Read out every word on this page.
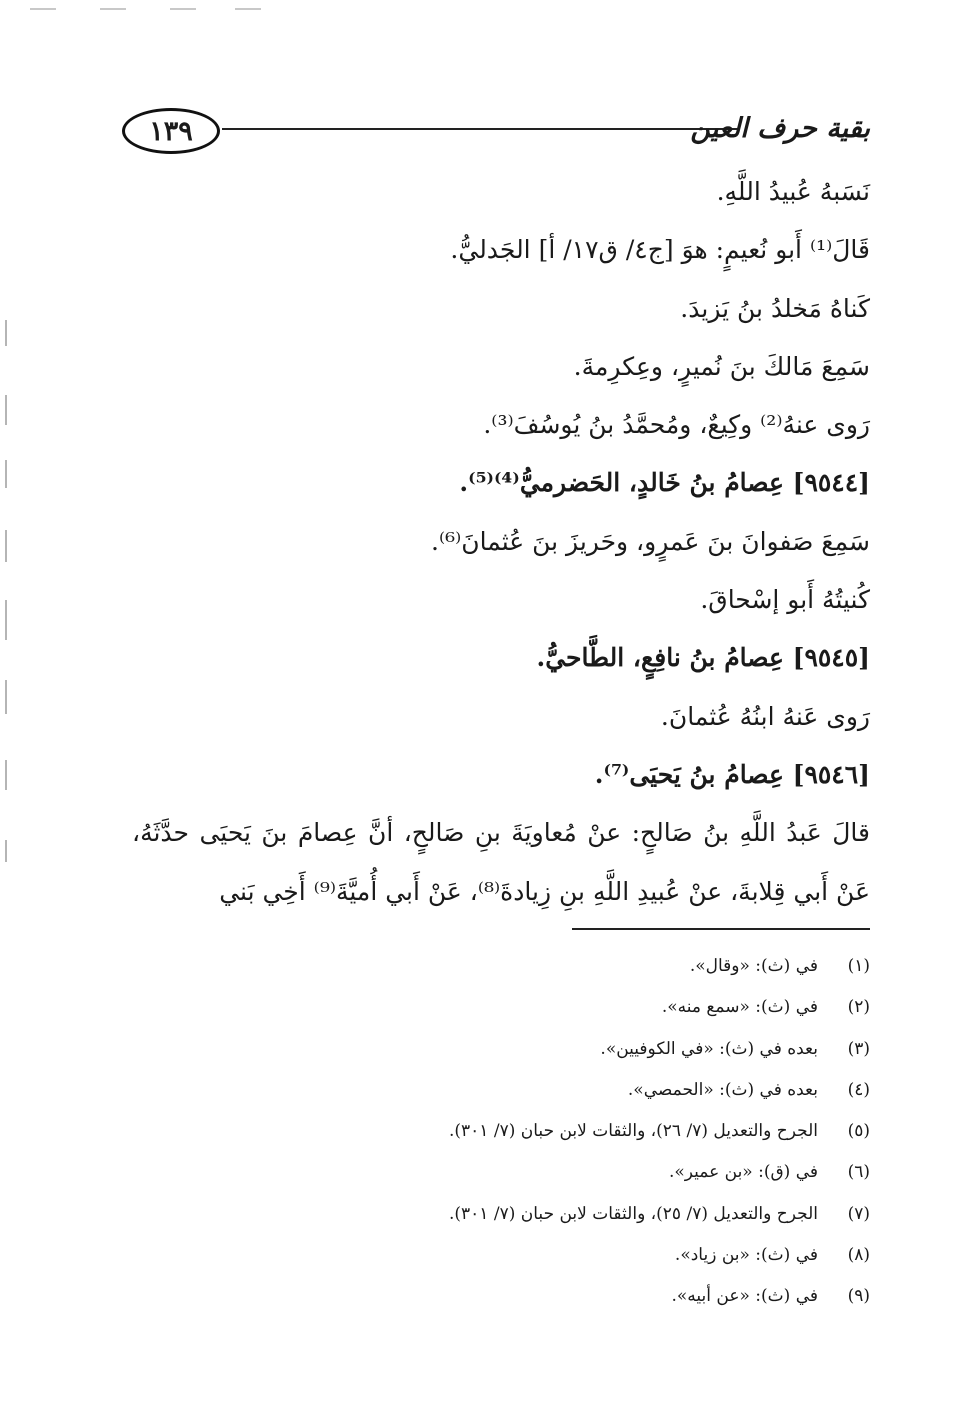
١٣٩	بقية حرف العين
نَسَبهُ عُبيدُ اللَّهِ.
قَالَ⁽¹⁾ أَبو نُعيمٍ: هوَ [ج٤/ ق١٧/ أ] الجَدليُّ.
كَناهُ مَخلدُ بنُ يَزيدَ.
سَمِعَ مَالكَ بنَ نُميرٍ، وعِكرِمةَ.
رَوى عنهُ⁽²⁾ وكِيعٌ، ومُحمَّدُ بنُ يُوسُفَ⁽³⁾.
[٩٥٤٤] عِصامُ بنُ خَالدٍ، الحَضرميُّ⁽⁴⁾⁽⁵⁾.
سَمِعَ صَفوانَ بنَ عَمرٍو، وحَريزَ بنَ عُثمانَ⁽⁶⁾.
كُنيتُهُ أَبو إسْحاقَ.
[٩٥٤٥] عِصامُ بنُ نافِعٍ، الطَّاحيُّ.
رَوى عَنهُ ابنُهُ عُثمانَ.
[٩٥٤٦] عِصامُ بنُ يَحيَى⁽⁷⁾.
قالَ عَبدُ اللَّهِ بنُ صَالحٍ: عنْ مُعاويَةَ بنِ صَالحٍ، أنَّ عِصامَ بنَ يَحيَى حدَّثَهُ، عَنْ أَبي قِلابةَ، عنْ عُبيدِ اللَّهِ بنِ زِيادةَ⁽⁸⁾، عَنْ أَبي أُميَّةَ⁽⁹⁾ أَخِي بَني
(١)
في (ث): «وقال».
(٢)
في (ث): «سمع منه».
(٣)
بعده في (ث): «في الكوفيين».
(٤)
بعده في (ث): «الحمصي».
(٥)
الجرح والتعديل (٧/ ٢٦)، والثقات لابن حبان (٧/ ٣٠١).
(٦)
في (ق): «بن عمير».
(٧)
الجرح والتعديل (٧/ ٢٥)، والثقات لابن حبان (٧/ ٣٠١).
(٨)
في (ث): «بن زياد».
(٩)
في (ث): «عن أبيه».
